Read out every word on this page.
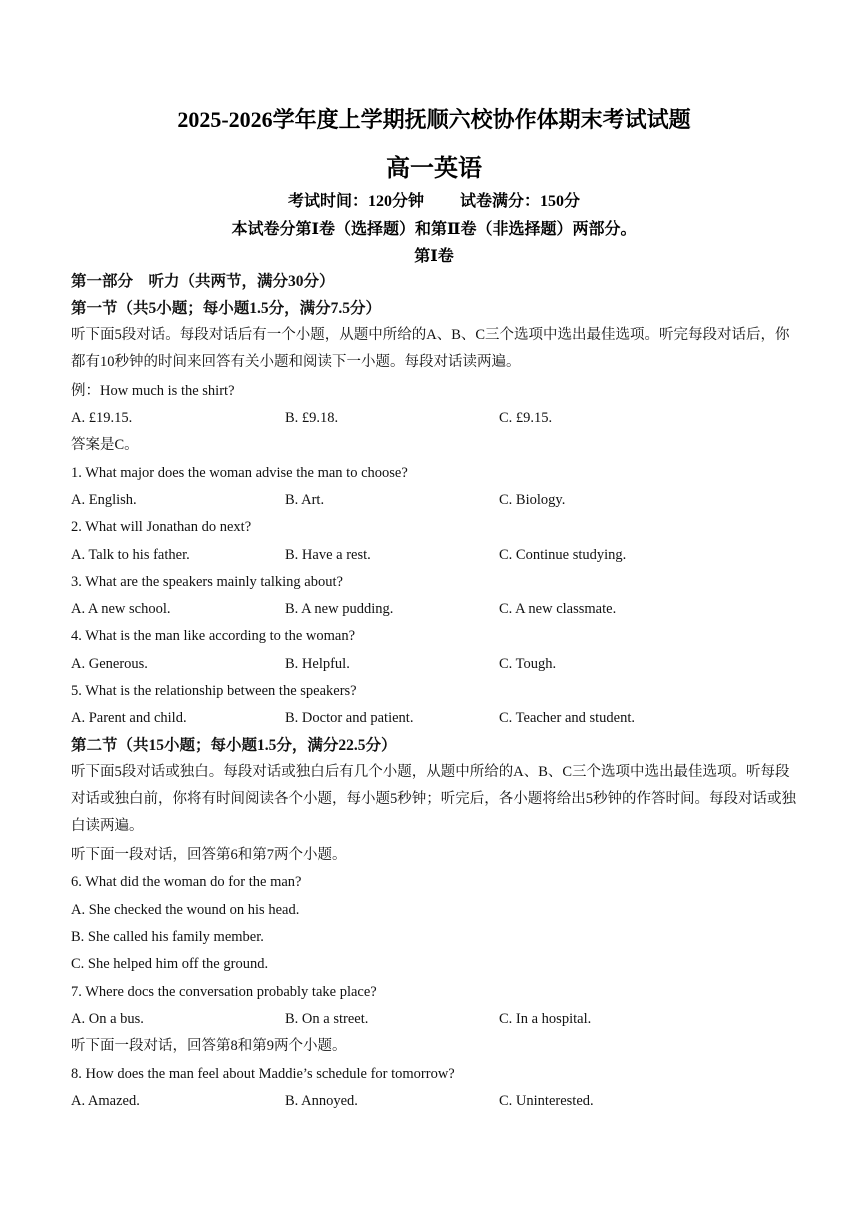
2025-2026学年度上学期抚顺六校协作体期末考试试题
高一英语
考试时间：120分钟 试卷满分：150分
本试卷分第Ⅰ卷（选择题）和第Ⅱ卷（非选择题）两部分。
第Ⅰ卷
第一部分　听力（共两节，满分30分）
第一节（共5小题；每小题1.5分，满分7.5分）
听下面5段对话。每段对话后有一个小题，从题中所给的A、B、C三个选项中选出最佳选项。听完每段对话后，你都有10秒钟的时间来回答有关小题和阅读下一小题。每段对话读两遍。
例：How much is the shirt?
A. £19.15.	B. £9.18.	C. £9.15.
答案是C。
1. What major does the woman advise the man to choose?
A. English.	B. Art.	C. Biology.
2. What will Jonathan do next?
A. Talk to his father.	B. Have a rest.	C. Continue studying.
3. What are the speakers mainly talking about?
A. A new school.	B. A new pudding.	C. A new classmate.
4. What is the man like according to the woman?
A. Generous.	B. Helpful.	C. Tough.
5. What is the relationship between the speakers?
A. Parent and child.	B. Doctor and patient.	C. Teacher and student.
第二节（共15小题；每小题1.5分，满分22.5分）
听下面5段对话或独白。每段对话或独白后有几个小题，从题中所给的A、B、C三个选项中选出最佳选项。听每段对话或独白前，你将有时间阅读各个小题，每小题5秒钟；听完后，各小题将给出5秒钟的作答时间。每段对话或独白读两遍。
听下面一段对话，回答第6和第7两个小题。
6. What did the woman do for the man?
A. She checked the wound on his head.
B. She called his family member.
C. She helped him off the ground.
7. Where docs the conversation probably take place?
A. On a bus.	B. On a street.	C. In a hospital.
听下面一段对话，回答第8和第9两个小题。
8. How does the man feel about Maddie’s schedule for tomorrow?
A. Amazed.	B. Annoyed.	C. Uninterested.
